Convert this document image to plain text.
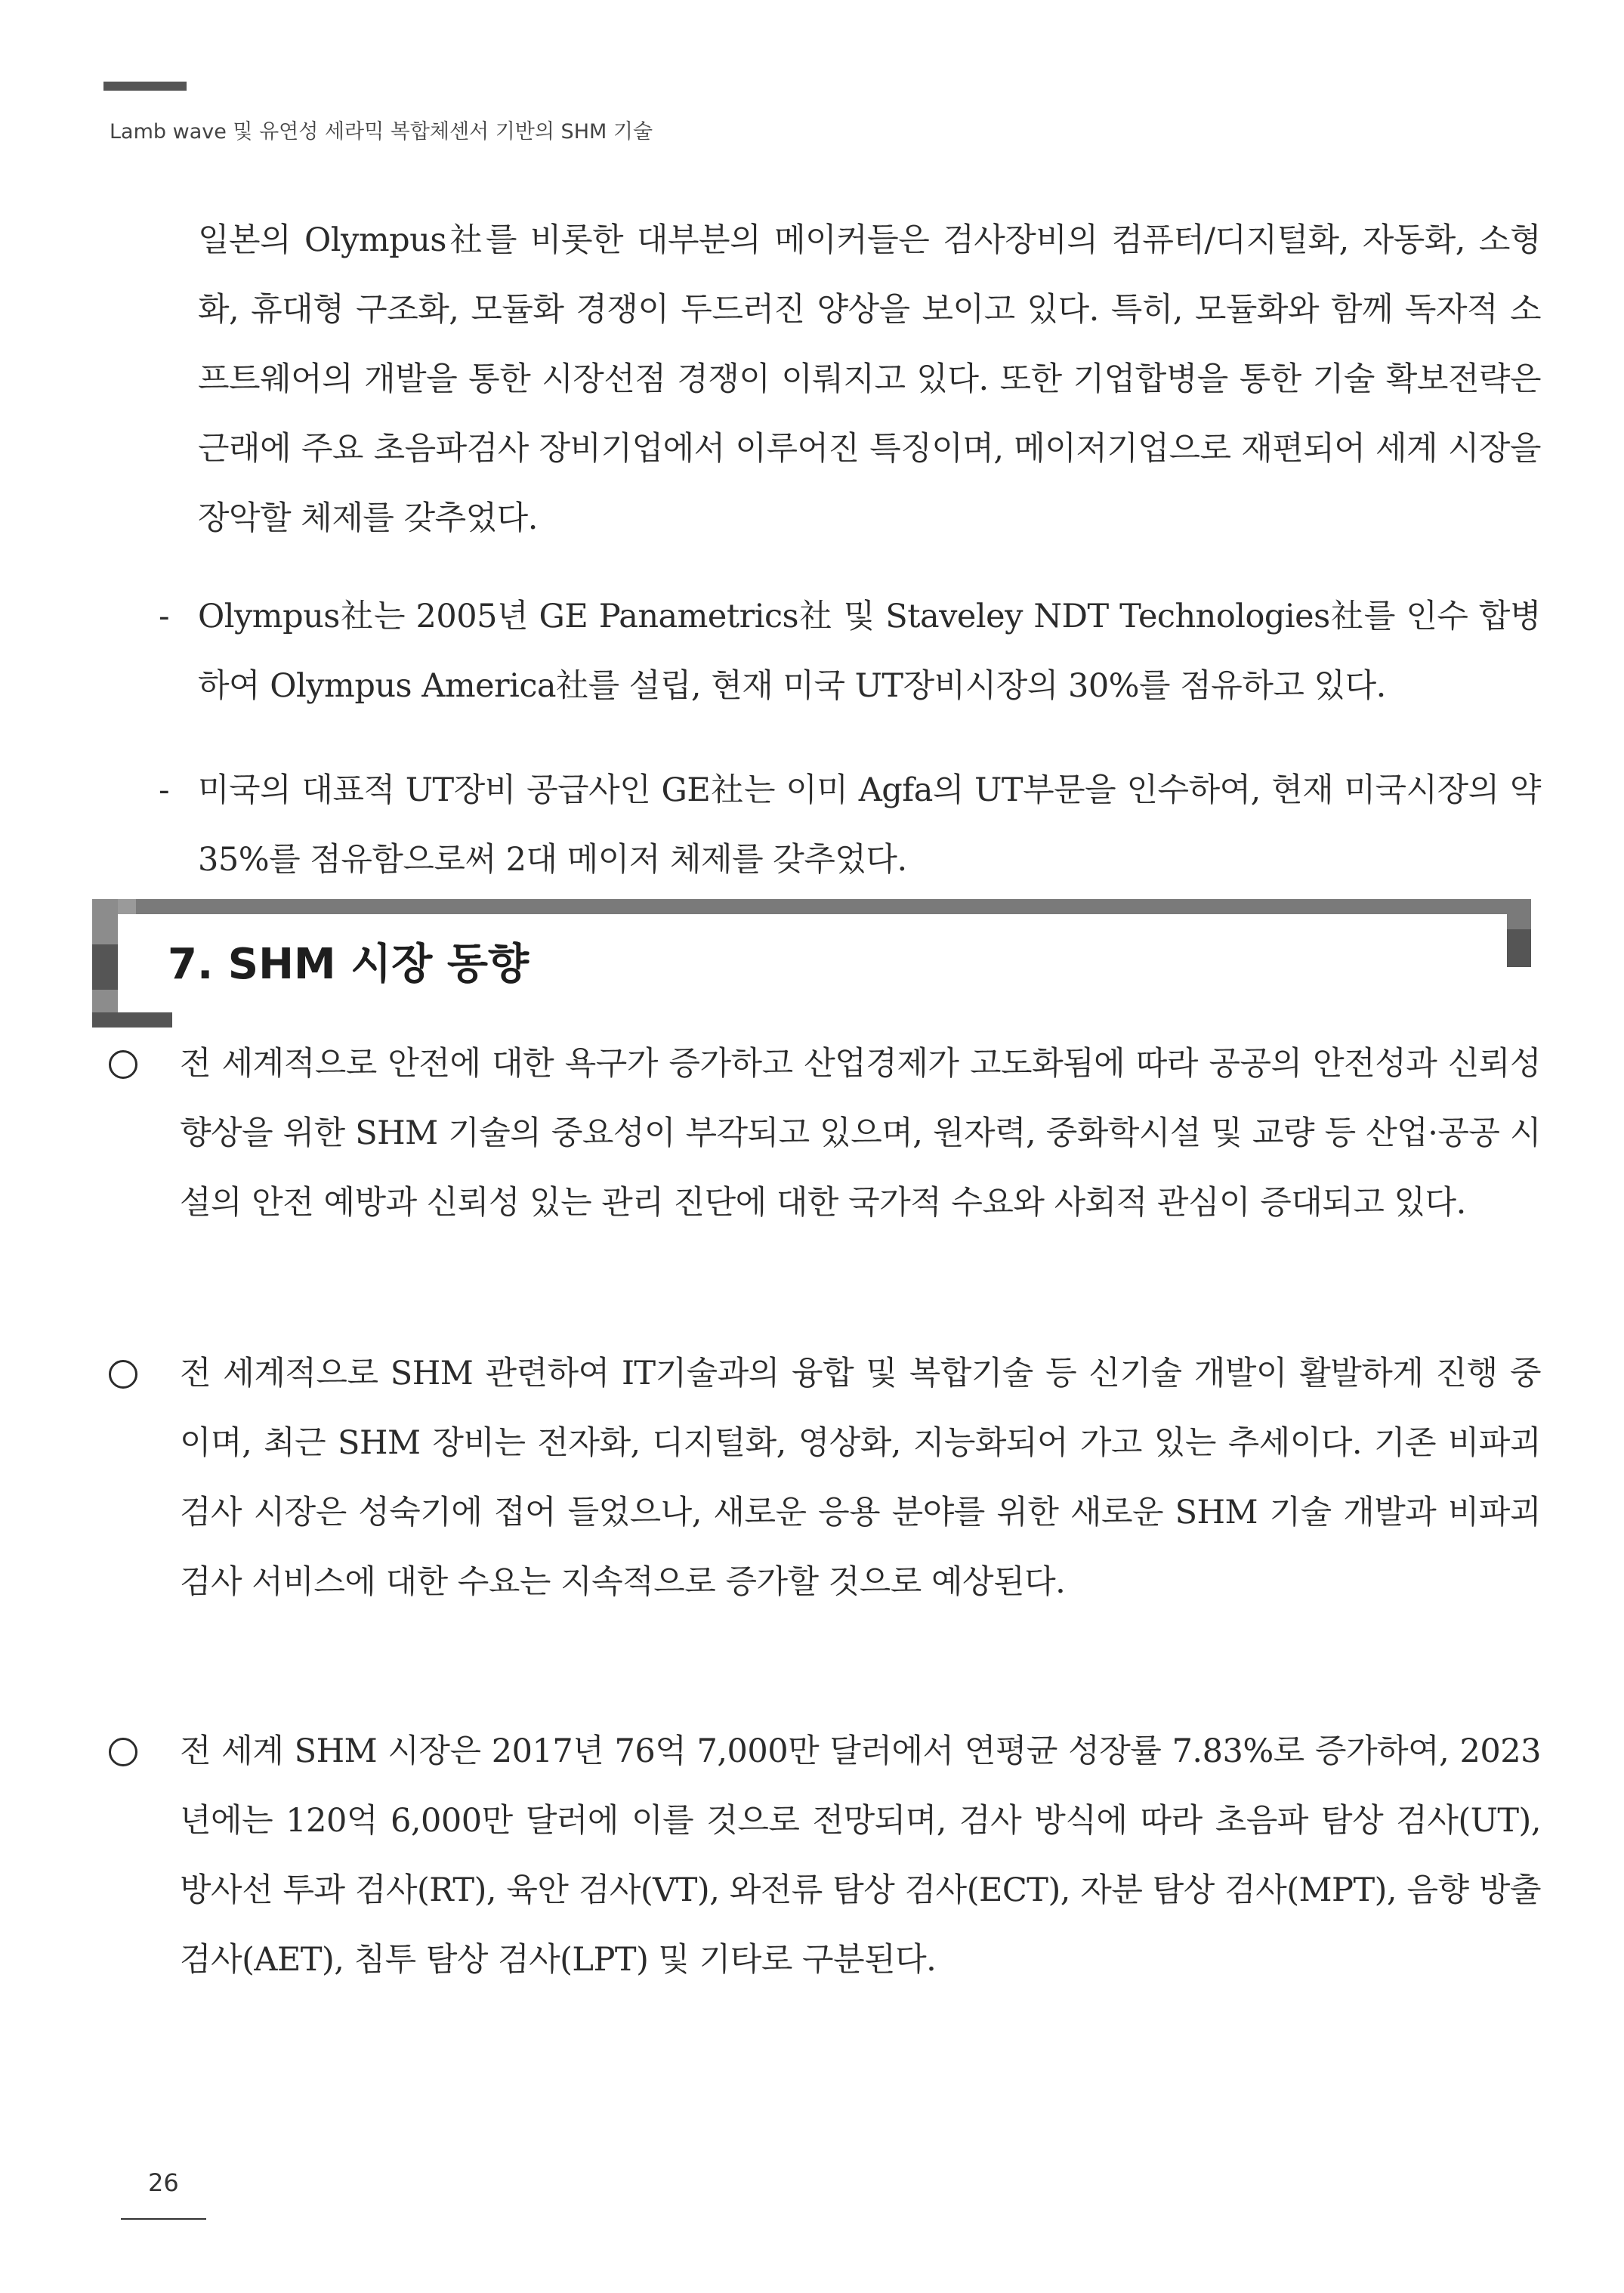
Lamb wave 및 유연성 세라믹 복합체센서 기반의 SHM 기술

일본의 Olympus社를 비롯한 대부분의 메이커들은 검사장비의 컴퓨터/디지털화, 자동화, 소형화, 휴대형 구조화, 모듈화 경쟁이 두드러진 양상을 보이고 있다. 특히, 모듈화와 함께 독자적 소프트웨어의 개발을 통한 시장선점 경쟁이 이뤄지고 있다. 또한 기업합병을 통한 기술 확보전략은 근래에 주요 초음파검사 장비기업에서 이루어진 특징이며, 메이저기업으로 재편되어 세계 시장을 장악할 체제를 갖추었다.

- Olympus社는 2005년 GE Panametrics社 및 Staveley NDT Technologies社를 인수 합병하여 Olympus America社를 설립, 현재 미국 UT장비시장의 30%를 점유하고 있다.

- 미국의 대표적 UT장비 공급사인 GE社는 이미 Agfa의 UT부문을 인수하여, 현재 미국시장의 약 35%를 점유함으로써 2대 메이저 체제를 갖추었다.

7. SHM 시장 동향

전 세계적으로 안전에 대한 욕구가 증가하고 산업경제가 고도화됨에 따라 공공의 안전성과 신뢰성 향상을 위한 SHM 기술의 중요성이 부각되고 있으며, 원자력, 중화학시설 및 교량 등 산업·공공 시설의 안전 예방과 신뢰성 있는 관리 진단에 대한 국가적 수요와 사회적 관심이 증대되고 있다.

전 세계적으로 SHM 관련하여 IT기술과의 융합 및 복합기술 등 신기술 개발이 활발하게 진행 중이며, 최근 SHM 장비는 전자화, 디지털화, 영상화, 지능화되어 가고 있는 추세이다. 기존 비파괴 검사 시장은 성숙기에 접어 들었으나, 새로운 응용 분야를 위한 새로운 SHM 기술 개발과 비파괴 검사 서비스에 대한 수요는 지속적으로 증가할 것으로 예상된다.

전 세계 SHM 시장은 2017년 76억 7,000만 달러에서 연평균 성장률 7.83%로 증가하여, 2023년에는 120억 6,000만 달러에 이를 것으로 전망되며, 검사 방식에 따라 초음파 탐상 검사(UT), 방사선 투과 검사(RT), 육안 검사(VT), 와전류 탐상 검사(ECT), 자분 탐상 검사(MPT), 음향 방출 검사(AET), 침투 탐상 검사(LPT) 및 기타로 구분된다.

26
